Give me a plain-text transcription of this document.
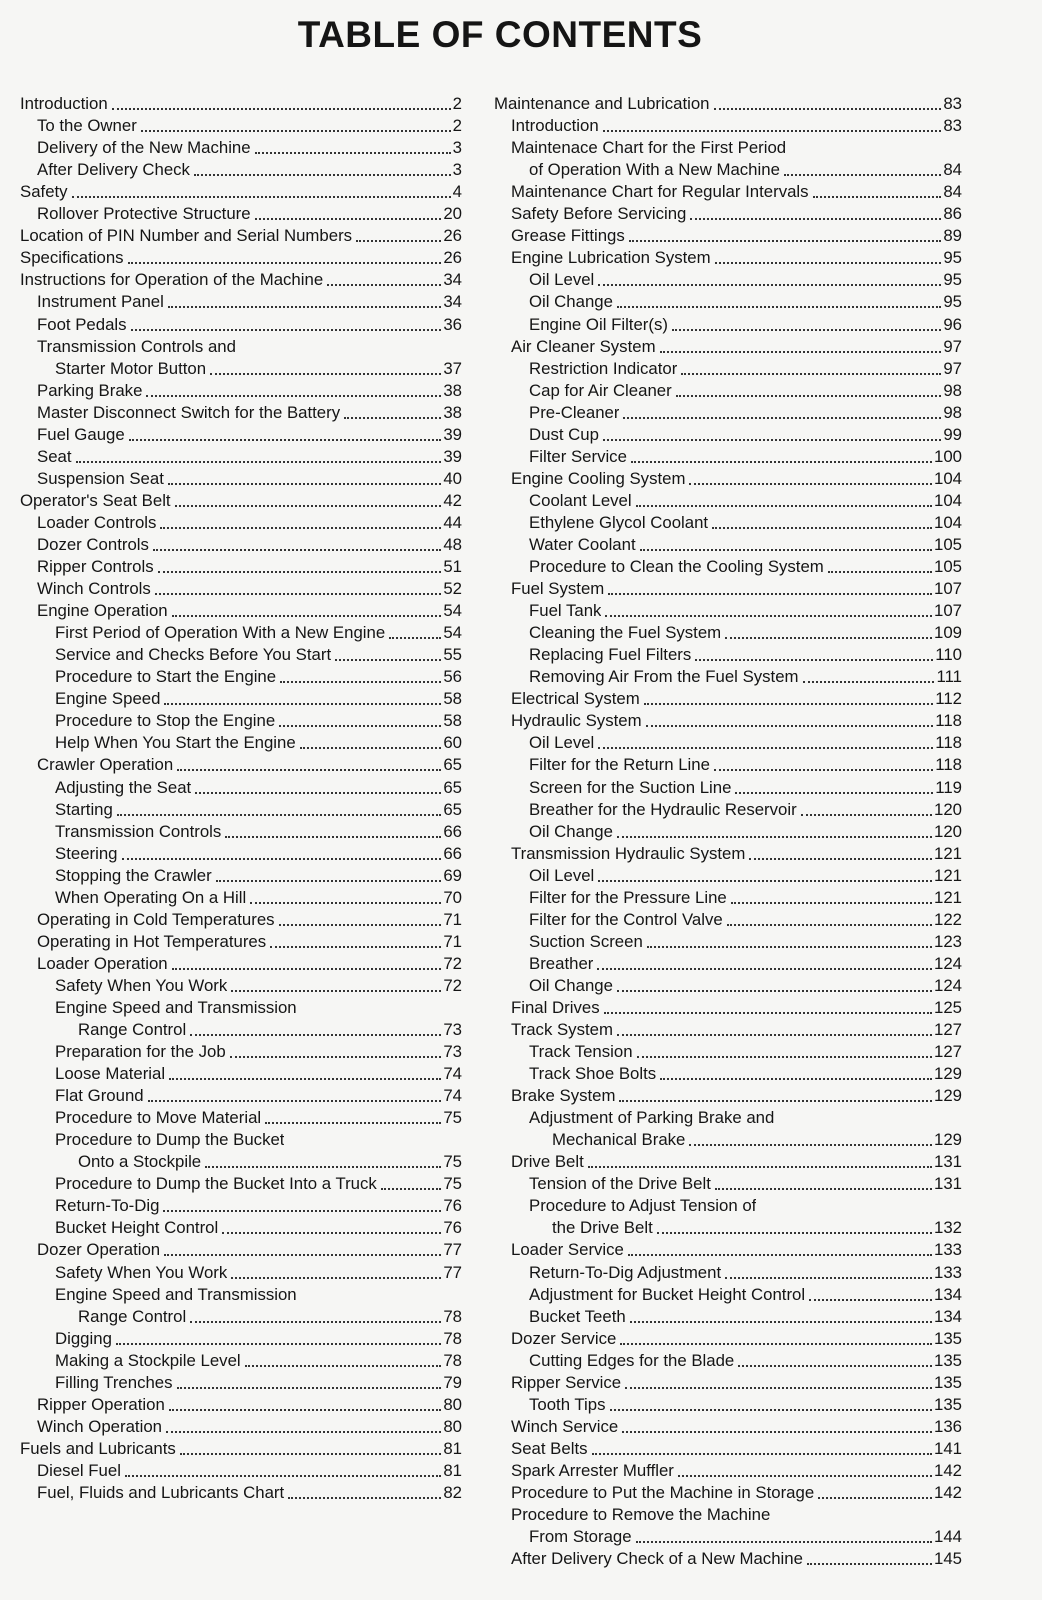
TABLE OF CONTENTS
Introduction	2
To the Owner	2
Delivery of the New Machine	3
After Delivery Check	3
Safety	4
Rollover Protective Structure	20
Location of PIN Number and Serial Numbers	26
Specifications	26
Instructions for Operation of the Machine	34
Instrument Panel	34
Foot Pedals	36
Transmission Controls and
Starter Motor Button	37
Parking Brake	38
Master Disconnect Switch for the Battery	38
Fuel Gauge	39
Seat	39
Suspension Seat	40
Operator's Seat Belt	42
Loader Controls	44
Dozer Controls	48
Ripper Controls	51
Winch Controls	52
Engine Operation	54
First Period of Operation With a New Engine	54
Service and Checks Before You Start	55
Procedure to Start the Engine	56
Engine Speed	58
Procedure to Stop the Engine	58
Help When You Start the Engine	60
Crawler Operation	65
Adjusting the Seat	65
Starting	65
Transmission Controls	66
Steering	66
Stopping the Crawler	69
When Operating On a Hill	70
Operating in Cold Temperatures	71
Operating in Hot Temperatures	71
Loader Operation	72
Safety When You Work	72
Engine Speed and Transmission
Range Control	73
Preparation for the Job	73
Loose Material	74
Flat Ground	74
Procedure to Move Material	75
Procedure to Dump the Bucket
Onto a Stockpile	75
Procedure to Dump the Bucket Into a Truck	75
Return-To-Dig	76
Bucket Height Control	76
Dozer Operation	77
Safety When You Work	77
Engine Speed and Transmission
Range Control	78
Digging	78
Making a Stockpile Level	78
Filling Trenches	79
Ripper Operation	80
Winch Operation	80
Fuels and Lubricants	81
Diesel Fuel	81
Fuel, Fluids and Lubricants Chart	82
Maintenance and Lubrication	83
Introduction	83
Maintenace Chart for the First Period
of Operation With a New Machine	84
Maintenance Chart for Regular Intervals	84
Safety Before Servicing	86
Grease Fittings	89
Engine Lubrication System	95
Oil Level	95
Oil Change	95
Engine Oil Filter(s)	96
Air Cleaner System	97
Restriction Indicator	97
Cap for Air Cleaner	98
Pre-Cleaner	98
Dust Cup	99
Filter Service	100
Engine Cooling System	104
Coolant Level	104
Ethylene Glycol Coolant	104
Water Coolant	105
Procedure to Clean the Cooling System	105
Fuel System	107
Fuel Tank	107
Cleaning the Fuel System	109
Replacing Fuel Filters	110
Removing Air From the Fuel System	111
Electrical System	112
Hydraulic System	118
Oil Level	118
Filter for the Return Line	118
Screen for the Suction Line	119
Breather for the Hydraulic Reservoir	120
Oil Change	120
Transmission Hydraulic System	121
Oil Level	121
Filter for the Pressure Line	121
Filter for the Control Valve	122
Suction Screen	123
Breather	124
Oil Change	124
Final Drives	125
Track System	127
Track Tension	127
Track Shoe Bolts	129
Brake System	129
Adjustment of Parking Brake and
Mechanical Brake	129
Drive Belt	131
Tension of the Drive Belt	131
Procedure to Adjust Tension of
the Drive Belt	132
Loader Service	133
Return-To-Dig Adjustment	133
Adjustment for Bucket Height Control	134
Bucket Teeth	134
Dozer Service	135
Cutting Edges for the Blade	135
Ripper Service	135
Tooth Tips	135
Winch Service	136
Seat Belts	141
Spark Arrester Muffler	142
Procedure to Put the Machine in Storage	142
Procedure to Remove the Machine
From Storage	144
After Delivery Check of a New Machine	145
